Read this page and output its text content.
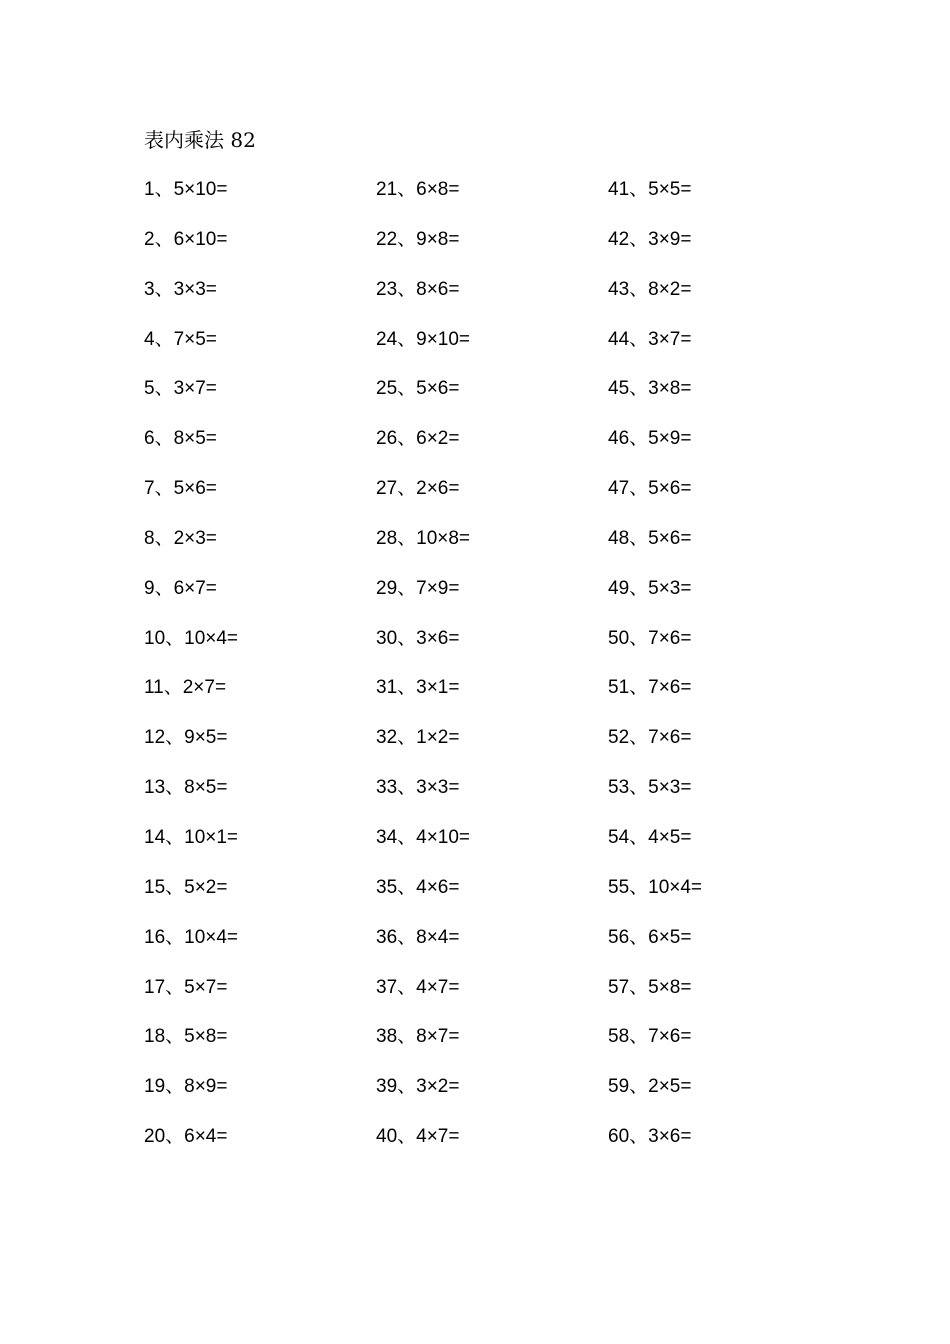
表内乘法 82
1、5×10=
2、6×10=
3、3×3=
4、7×5=
5、3×7=
6、8×5=
7、5×6=
8、2×3=
9、6×7=
10、10×4=
11、2×7=
12、9×5=
13、8×5=
14、10×1=
15、5×2=
16、10×4=
17、5×7=
18、5×8=
19、8×9=
20、6×4=
21、6×8=
22、9×8=
23、8×6=
24、9×10=
25、5×6=
26、6×2=
27、2×6=
28、10×8=
29、7×9=
30、3×6=
31、3×1=
32、1×2=
33、3×3=
34、4×10=
35、4×6=
36、8×4=
37、4×7=
38、8×7=
39、3×2=
40、4×7=
41、5×5=
42、3×9=
43、8×2=
44、3×7=
45、3×8=
46、5×9=
47、5×6=
48、5×6=
49、5×3=
50、7×6=
51、7×6=
52、7×6=
53、5×3=
54、4×5=
55、10×4=
56、6×5=
57、5×8=
58、7×6=
59、2×5=
60、3×6=
